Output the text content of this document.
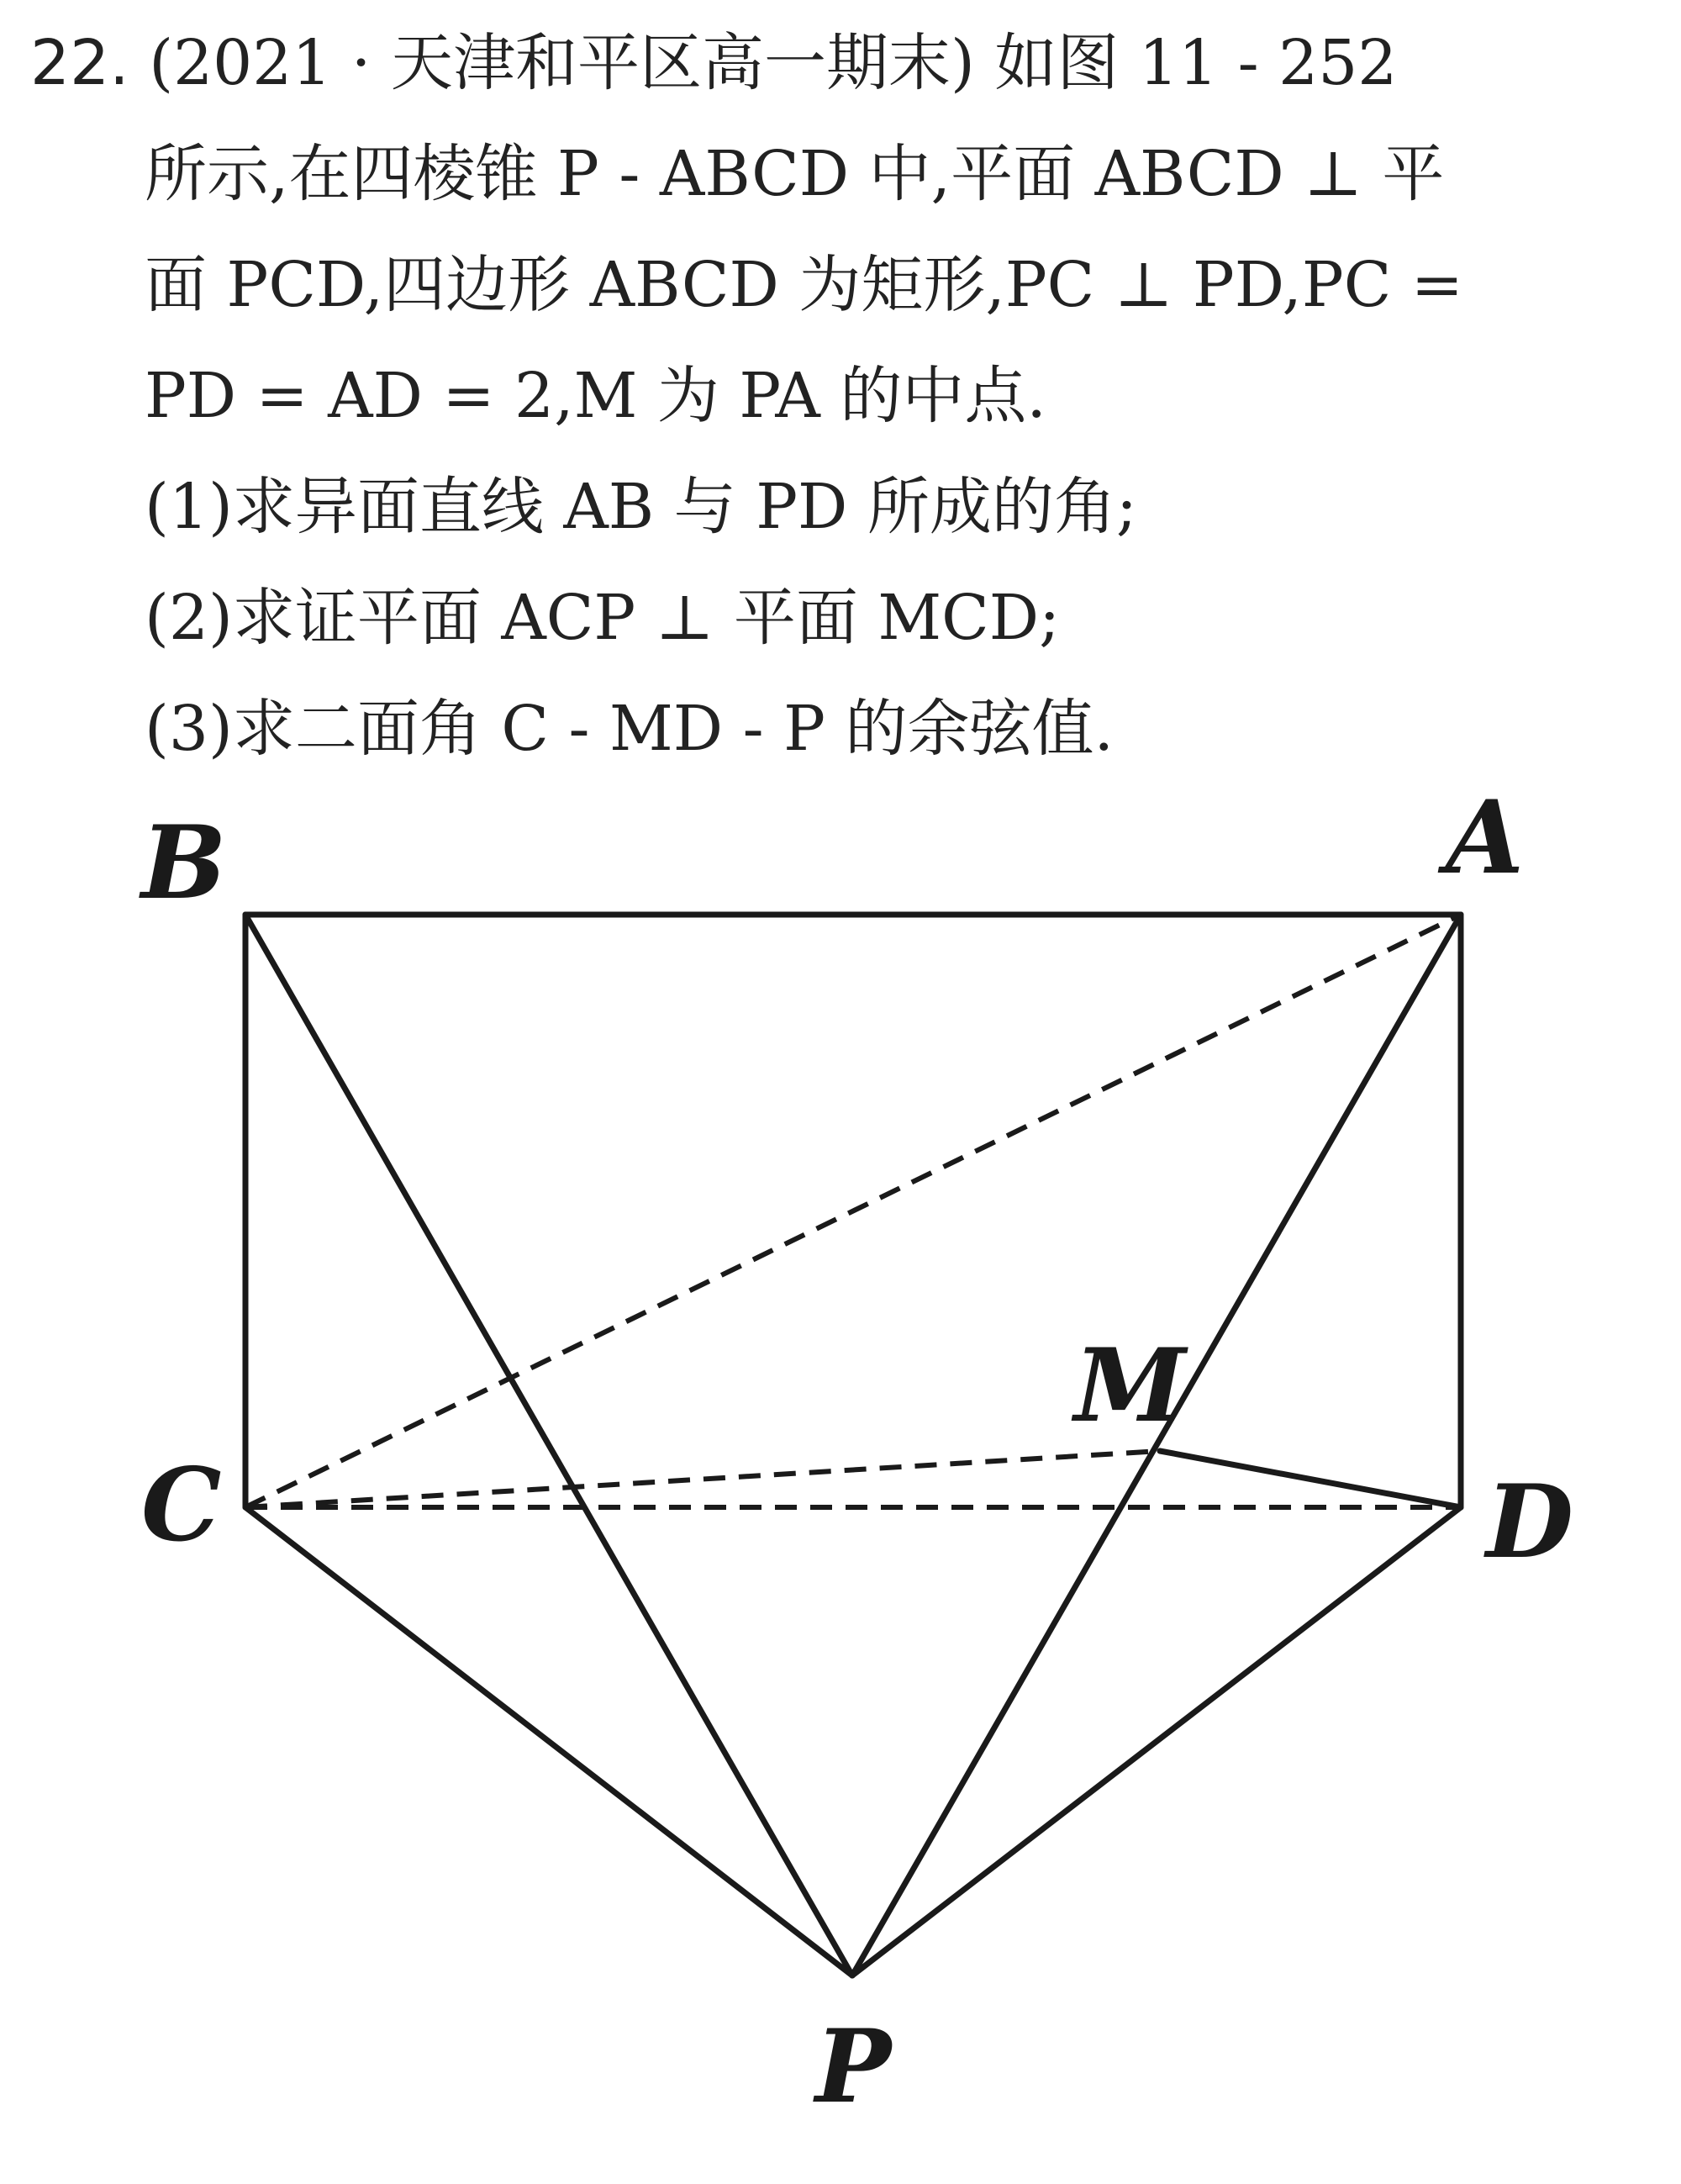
22. (2021 · 天津和平区高一期末) 如图 11 - 252
所示,在四棱锥 P - ABCD 中,平面 ABCD ⊥ 平
面 PCD,四边形 ABCD 为矩形,PC ⊥ PD,PC =
PD = AD = 2,M 为 PA 的中点.
(1)求异面直线 AB 与 PD 所成的角;
(2)求证平面 ACP ⊥ 平面 MCD;
(3)求二面角 C - MD - P 的余弦值.
B	A
C	D
M
P
